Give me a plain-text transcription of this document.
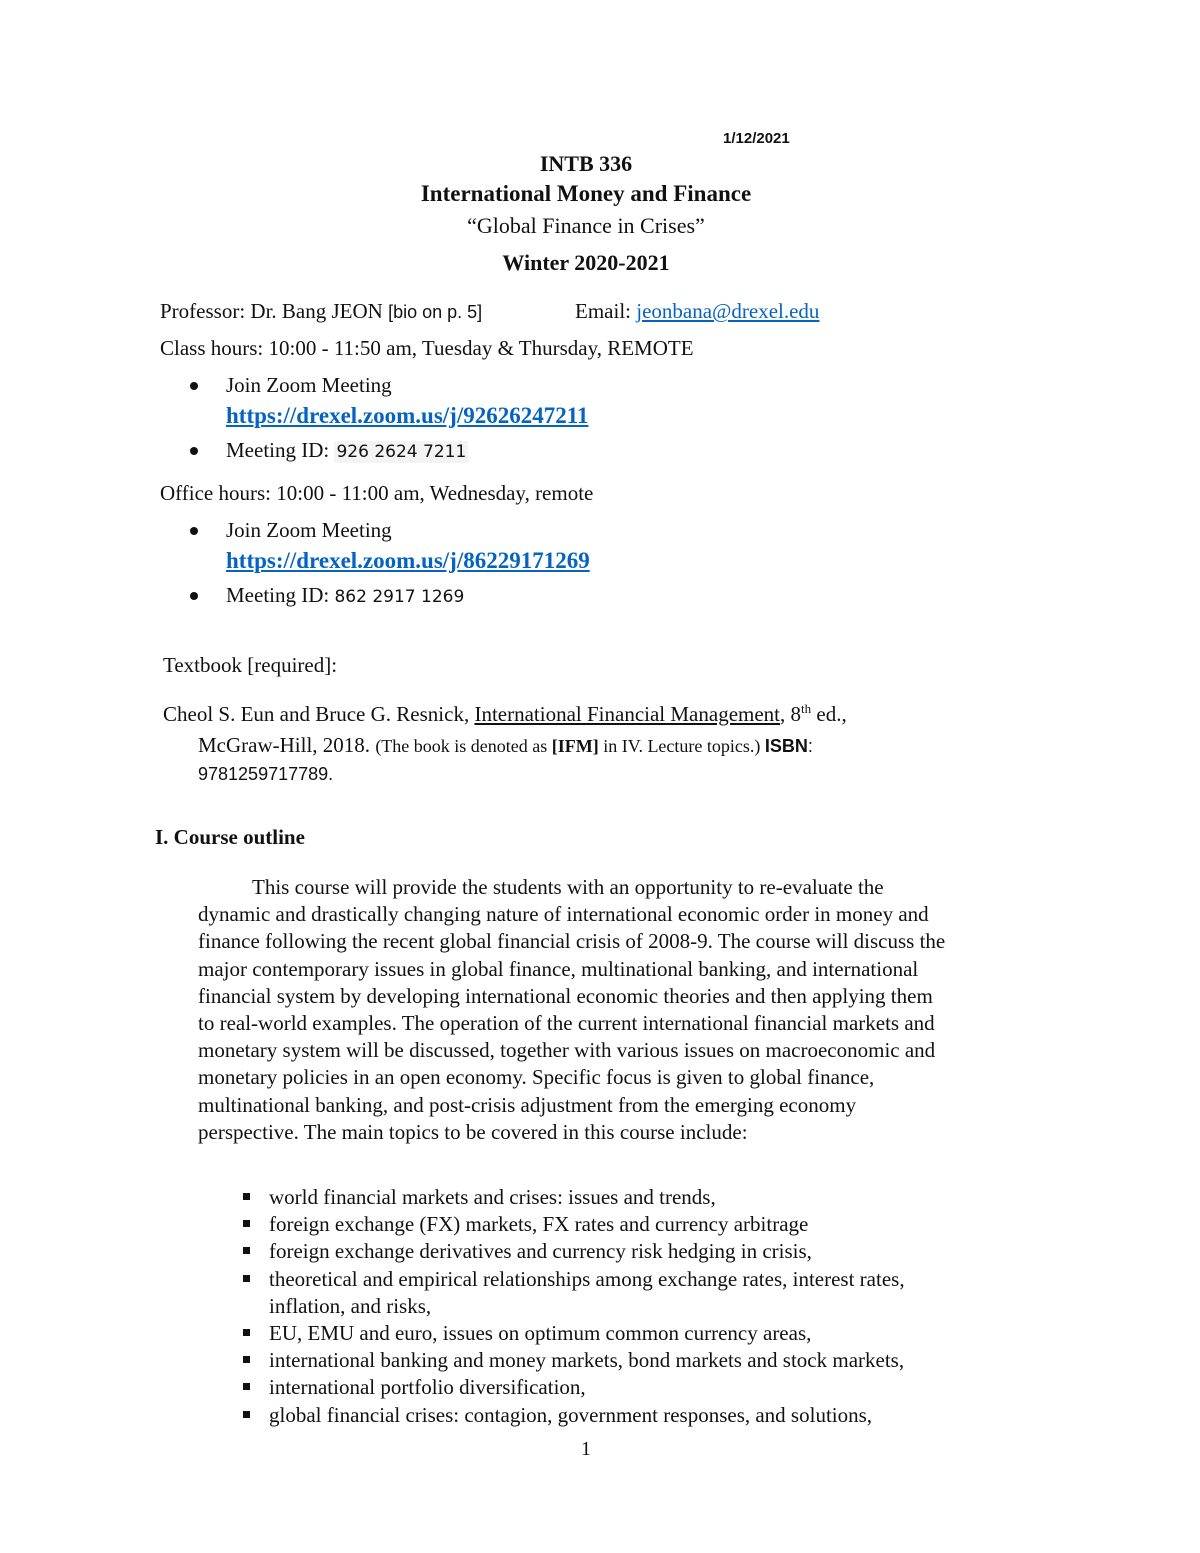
1/12/2021
INTB 336
International Money and Finance
“Global Finance in Crises”
Winter 2020-2021
Professor: Dr. Bang JEON [bio on p. 5]	Email: jeonbana@drexel.edu
Class hours: 10:00 - 11:50 am, Tuesday & Thursday, REMOTE
Join Zoom Meeting
https://drexel.zoom.us/j/92626247211
Meeting ID: 926 2624 7211
Office hours: 10:00 - 11:00 am, Wednesday, remote
Join Zoom Meeting
https://drexel.zoom.us/j/86229171269
Meeting ID: 862 2917 1269
Textbook [required]:
Cheol S. Eun and Bruce G. Resnick, International Financial Management, 8th ed.,
McGraw-Hill, 2018. (The book is denoted as [IFM] in IV. Lecture topics.) ISBN:
9781259717789.
I. Course outline
This course will provide the students with an opportunity to re-evaluate the
dynamic and drastically changing nature of international economic order in money and
finance following the recent global financial crisis of 2008-9. The course will discuss the
major contemporary issues in global finance, multinational banking, and international
financial system by developing international economic theories and then applying them
to real-world examples. The operation of the current international financial markets and
monetary system will be discussed, together with various issues on macroeconomic and
monetary policies in an open economy. Specific focus is given to global finance,
multinational banking, and post-crisis adjustment from the emerging economy
perspective. The main topics to be covered in this course include:
world financial markets and crises: issues and trends,
foreign exchange (FX) markets, FX rates and currency arbitrage
foreign exchange derivatives and currency risk hedging in crisis,
theoretical and empirical relationships among exchange rates, interest rates,
inflation, and risks,
EU, EMU and euro, issues on optimum common currency areas,
international banking and money markets, bond markets and stock markets,
international portfolio diversification,
global financial crises: contagion, government responses, and solutions,
1
